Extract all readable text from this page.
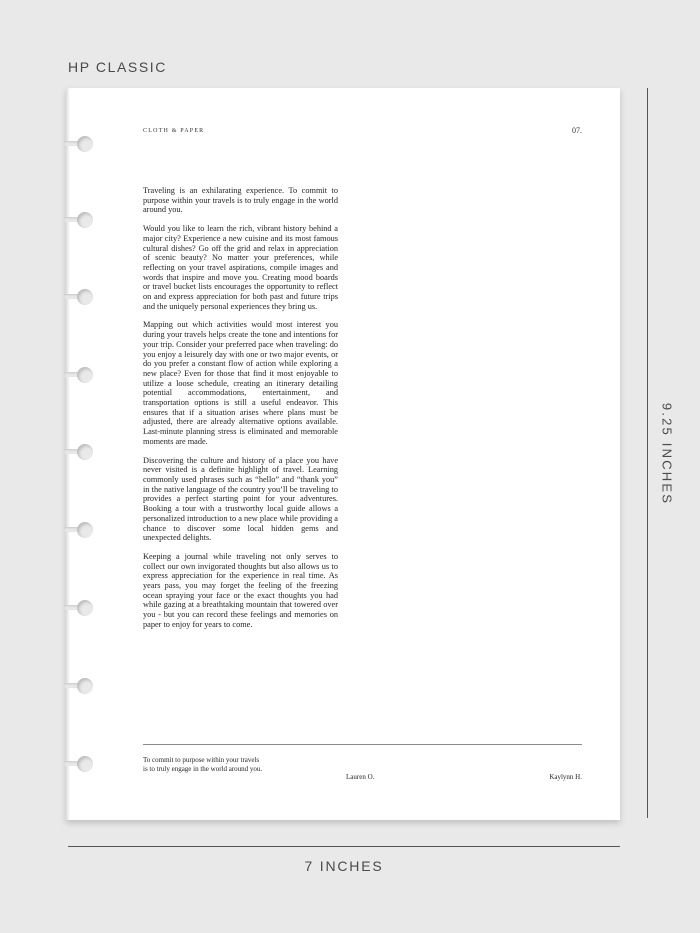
HP CLASSIC
CLOTH & PAPER	07.

Traveling is an exhilarating experience. To commit to purpose within your travels is to truly engage in the world around you.

Would you like to learn the rich, vibrant history behind a major city? Experience a new cuisine and its most famous cultural dishes? Go off the grid and relax in appreciation of scenic beauty? No matter your preferences, while reflecting on your travel aspirations, compile images and words that inspire and move you. Creating mood boards or travel bucket lists encourages the opportunity to reflect on and express appreciation for both past and future trips and the uniquely personal experiences they bring us.

Mapping out which activities would most interest you during your travels helps create the tone and intentions for your trip. Consider your preferred pace when traveling: do you enjoy a leisurely day with one or two major events, or do you prefer a constant flow of action while exploring a new place? Even for those that find it most enjoyable to utilize a loose schedule, creating an itinerary detailing potential accommodations, entertainment, and transportation options is still a useful endeavor. This ensures that if a situation arises where plans must be adjusted, there are already alternative options available. Last-minute planning stress is eliminated and memorable moments are made.

Discovering the culture and history of a place you have never visited is a definite highlight of travel. Learning commonly used phrases such as “hello” and “thank you” in the native language of the country you’ll be traveling to provides a perfect starting point for your adventures. Booking a tour with a trustworthy local guide allows a personalized introduction to a new place while providing a chance to discover some local hidden gems and unexpected delights.

Keeping a journal while traveling not only serves to collect our own invigorated thoughts but also allows us to express appreciation for the experience in real time. As years pass, you may forget the feeling of the freezing ocean spraying your face or the exact thoughts you had while gazing at a breathtaking mountain that towered over you - but you can record these feelings and memories on paper to enjoy for years to come.

To commit to purpose within your travels is to truly engage in the world around you.
Lauren O.	Kaylynn H.
9.25 INCHES
7 INCHES
